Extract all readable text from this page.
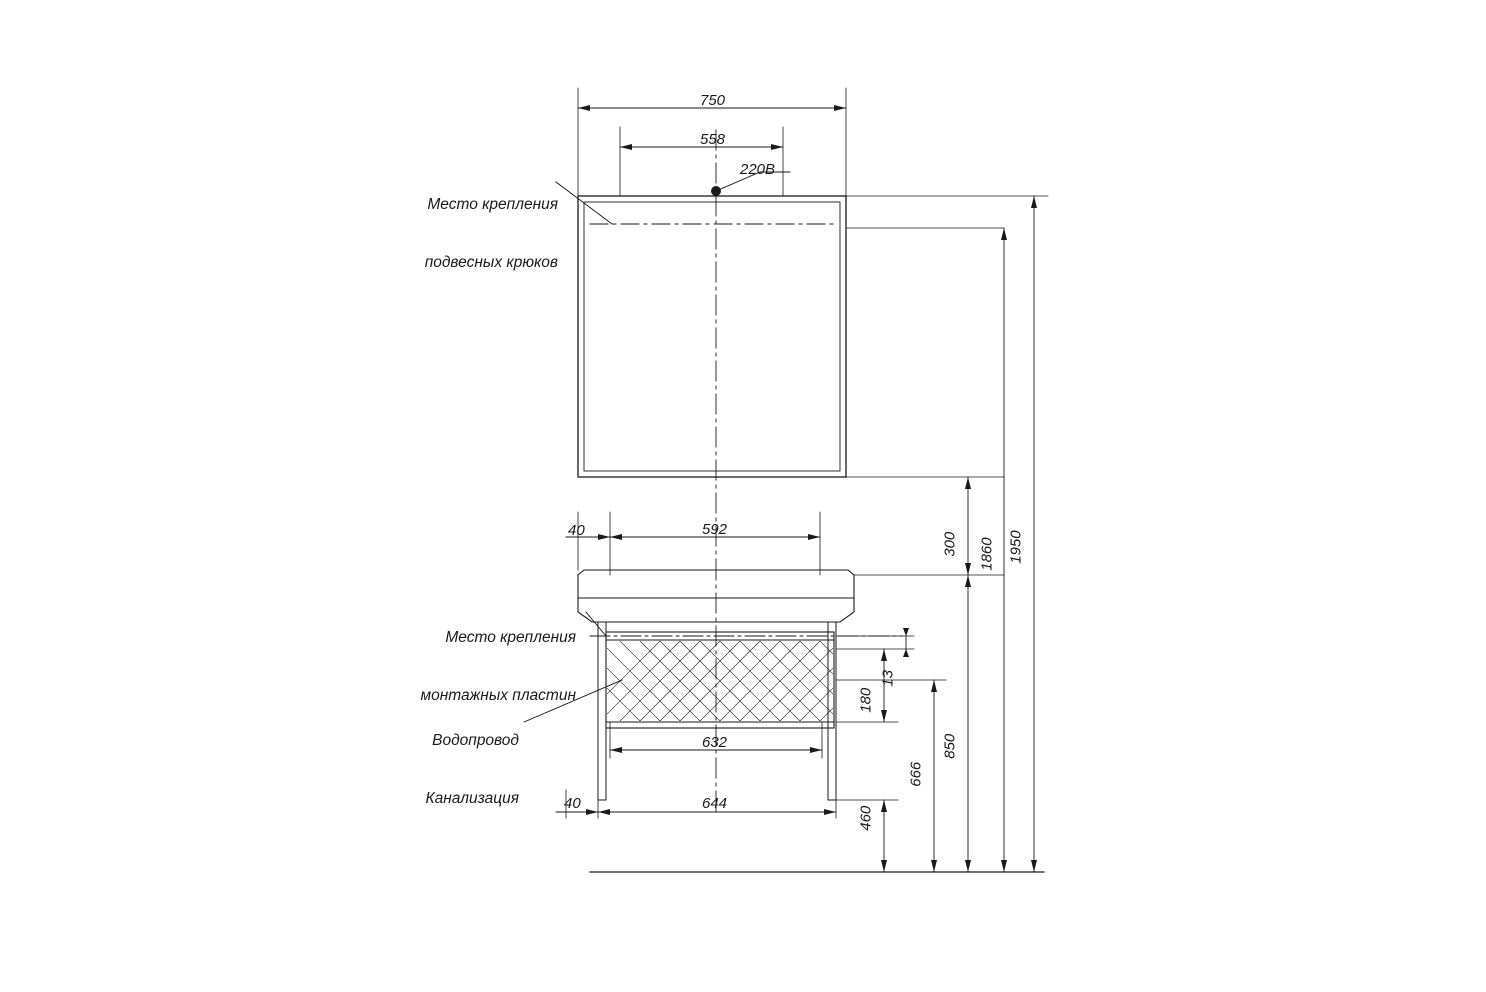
Место крепления

подвесных крюков

Место крепления

монтажных пластин

Водопровод

Канализация

220B
750
558
592
40
632
644
40
1950
1860
300
850
666
460
180
13
